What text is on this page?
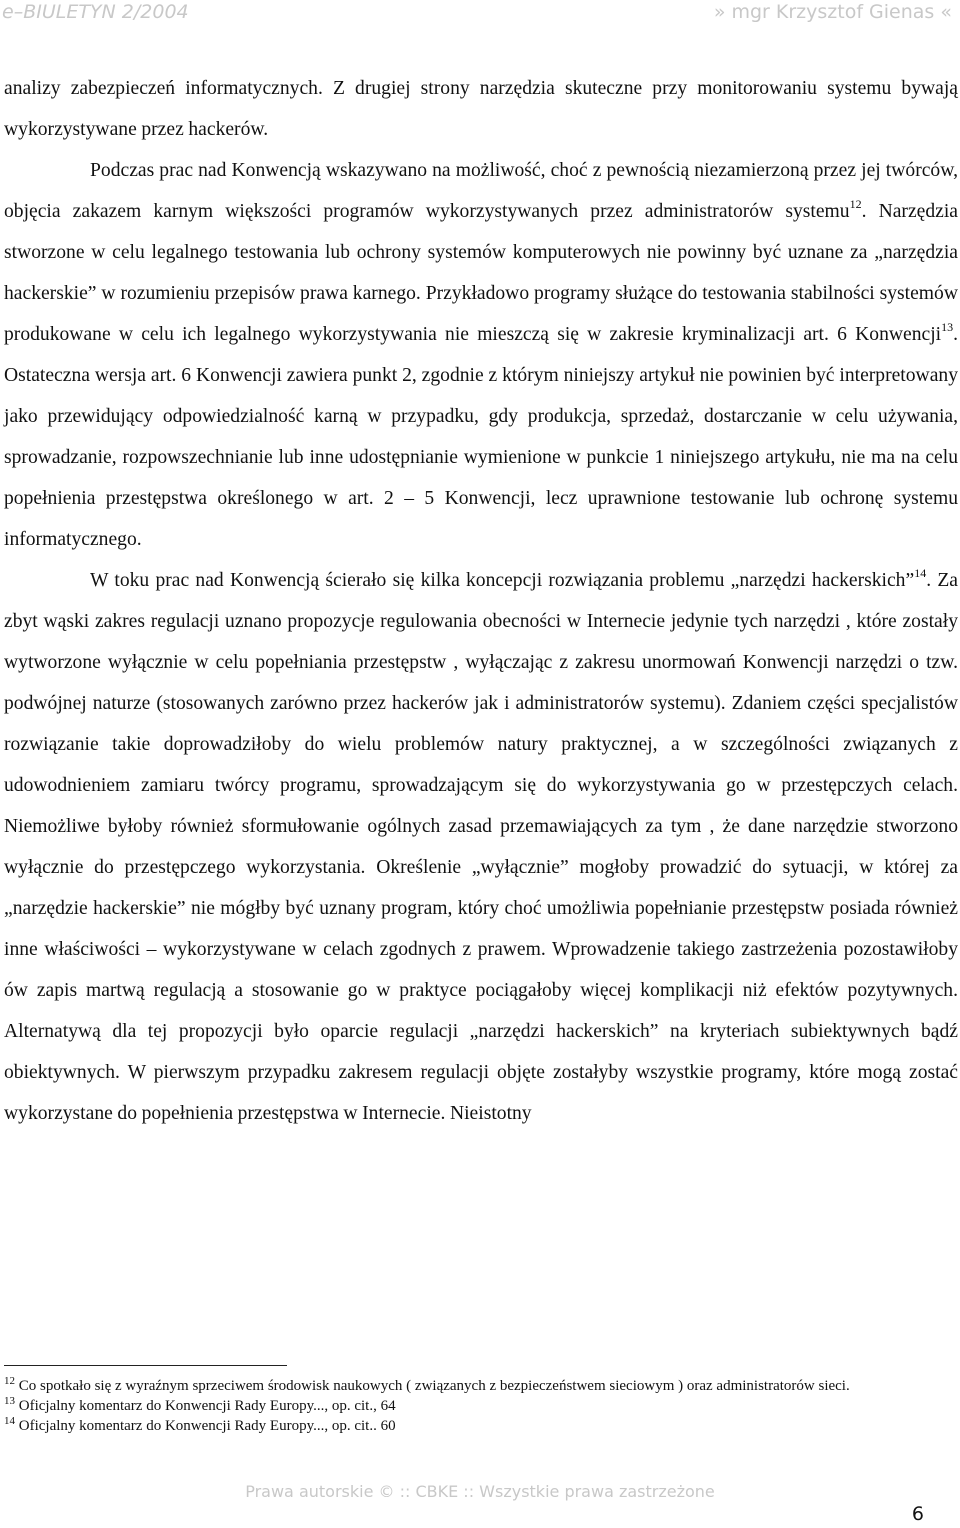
e–BIULETYN 2/2004	» mgr Krzysztof Gienas «

analizy zabezpieczeń informatycznych. Z drugiej strony narzędzia skuteczne przy monitorowaniu systemu bywają wykorzystywane przez hackerów.

Podczas prac nad Konwencją wskazywano na możliwość, choć z pewnością niezamierzoną przez jej twórców, objęcia zakazem karnym większości programów wykorzystywanych przez administratorów systemu$^{12}$. Narzędzia stworzone w celu legalnego testowania lub ochrony systemów komputerowych nie powinny być uznane za „narzędzia hackerskie” w rozumieniu przepisów prawa karnego. Przykładowo programy służące do testowania stabilności systemów produkowane w celu ich legalnego wykorzystywania nie mieszczą się w zakresie kryminalizacji art. 6 Konwencji$^{13}$. Ostateczna wersja art. 6 Konwencji zawiera punkt 2, zgodnie z którym niniejszy artykuł nie powinien być interpretowany jako przewidujący odpowiedzialność karną w przypadku, gdy produkcja, sprzedaż, dostarczanie w celu używania, sprowadzanie, rozpowszechnianie lub inne udostępnianie wymienione w punkcie 1 niniejszego artykułu, nie ma na celu popełnienia przestępstwa określonego w art. 2 – 5 Konwencji, lecz uprawnione testowanie lub ochronę systemu informatycznego.

W toku prac nad Konwencją ścierało się kilka koncepcji rozwiązania problemu „narzędzi hackerskich”$^{14}$. Za zbyt wąski zakres regulacji uznano propozycje regulowania obecności w Internecie jedynie tych narzędzi , które zostały wytworzone wyłącznie w celu popełniania przestępstw , wyłączając z zakresu unormowań Konwencji narzędzi o tzw. podwójnej naturze (stosowanych zarówno przez hackerów jak i administratorów systemu). Zdaniem części specjalistów rozwiązanie takie doprowadziłoby do wielu problemów natury praktycznej, a w szczególności związanych z udowodnieniem zamiaru twórcy programu, sprowadzającym się do wykorzystywania go w przestępczych celach. Niemożliwe byłoby również sformułowanie ogólnych zasad przemawiających za tym , że dane narzędzie stworzono wyłącznie do przestępczego wykorzystania. Określenie „wyłącznie” mogłoby prowadzić do sytuacji, w której za „narzędzie hackerskie” nie mógłby być uznany program, który choć umożliwia popełnianie przestępstw posiada również inne właściwości – wykorzystywane w celach zgodnych z prawem. Wprowadzenie takiego zastrzeżenia pozostawiłoby ów zapis martwą regulacją a stosowanie go w praktyce pociągałoby więcej komplikacji niż efektów pozytywnych. Alternatywą dla tej propozycji było oparcie regulacji „narzędzi hackerskich” na kryteriach subiektywnych bądź obiektywnych. W pierwszym przypadku zakresem regulacji objęte zostałyby wszystkie programy, które mogą zostać wykorzystane do popełnienia przestępstwa w Internecie. Nieistotny

$^{12}$ Co spotkało się z wyraźnym sprzeciwem środowisk naukowych ( związanych z bezpieczeństwem sieciowym ) oraz administratorów sieci.

$^{13}$ Oficjalny komentarz do Konwencji Rady Europy..., op. cit., 64

$^{14}$ Oficjalny komentarz do Konwencji Rady Europy..., op. cit.. 60

Prawa autorskie © :: CBKE :: Wszystkie prawa zastrzeżone
6
